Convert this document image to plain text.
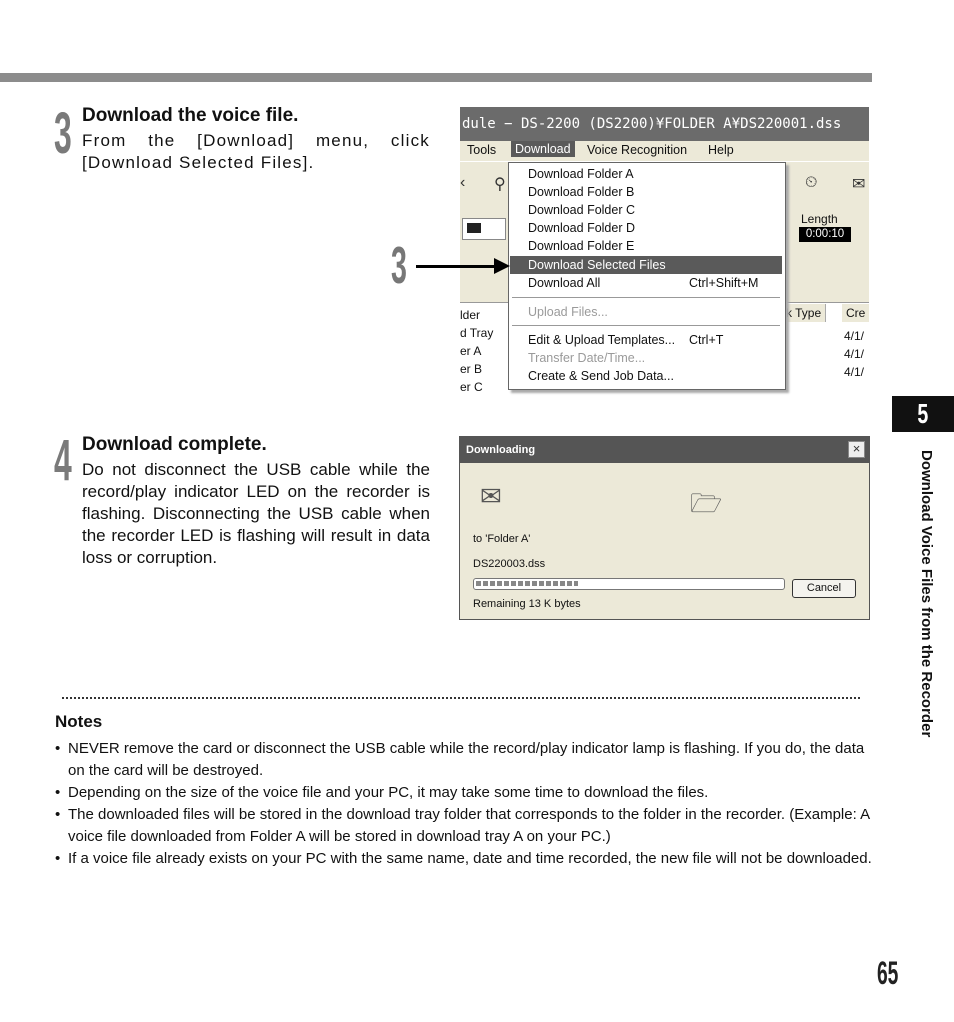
3 Download the voice file.
From the [Download] menu, click [Download Selected Files].
dule − DS-2200 (DS2200)¥FOLDER A¥DS220001.dss
Tools	Download	Voice Recognition Help
‹ ⚲	⏲ ✉
lder
d Tray
er A
er B
er C
k Type	Cre
4/1/
4/1/
4/1/
Length
0:00:10
Download Folder A
Download Folder B
Download Folder C
Download Folder D
Download Folder E
Download Selected Files
Download All	Ctrl+Shift+M
Upload Files...
Edit & Upload Templates... Ctrl+T
Transfer Date/Time...
Create & Send Job Data...
3
4 Download complete.
Do not disconnect the USB cable while the record/play indicator LED on the recorder is flashing. Disconnecting the USB cable when the recorder LED is flashing will result in data loss or corruption.
Downloading	×
✉	🗁
to 'Folder A'
DS220003.dss
Cancel
Remaining 13 K bytes
Notes
• NEVER remove the card or disconnect the USB cable while the record/play indicator lamp is flashing. If you do, the data on the card will be destroyed.
• Depending on the size of the voice file and your PC, it may take some time to download the files.
• The downloaded files will be stored in the download tray folder that corresponds to the folder in the recorder. (Example: A voice file downloaded from Folder A will be stored in download tray A on your PC.)
• If a voice file already exists on your PC with the same name, date and time recorded, the new file will not be downloaded.
5
Download Voice Files from the Recorder
65
